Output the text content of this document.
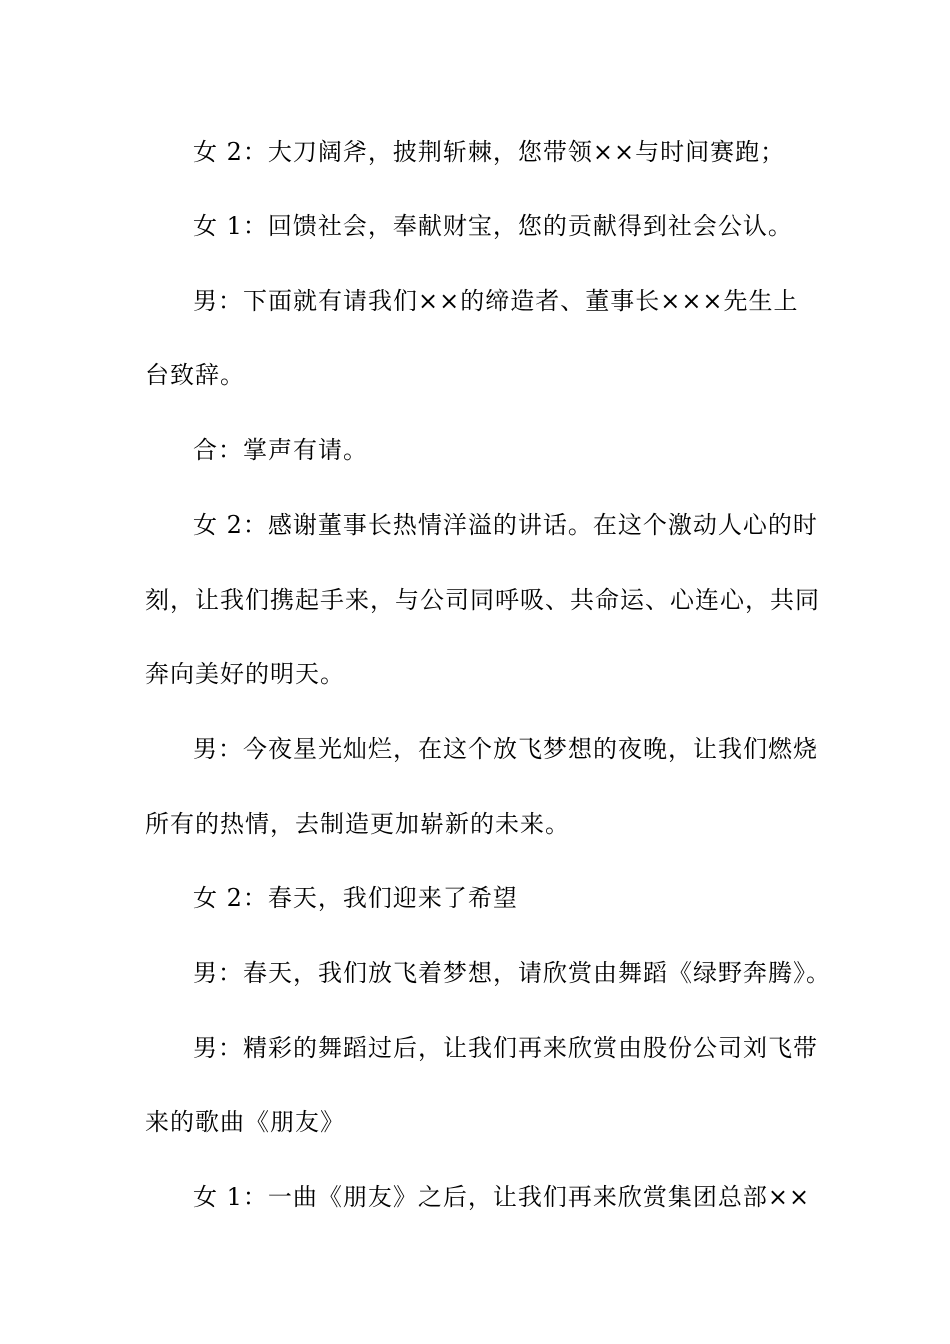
女 2：大刀阔斧，披荆斩棘，您带领××与时间赛跑；

女 1：回馈社会，奉献财宝，您的贡献得到社会公认。

男：下面就有请我们××的缔造者、董事长×××先生上

台致辞。

合：掌声有请。

女 2：感谢董事长热情洋溢的讲话。在这个激动人心的时

刻，让我们携起手来，与公司同呼吸、共命运、心连心，共同

奔向美好的明天。

男：今夜星光灿烂，在这个放飞梦想的夜晚，让我们燃烧

所有的热情，去制造更加崭新的未来。

女 2：春天，我们迎来了希望

男：春天，我们放飞着梦想，请欣赏由舞蹈《绿野奔腾》。

男：精彩的舞蹈过后，让我们再来欣赏由股份公司刘飞带

来的歌曲《朋友》

女 1：一曲《朋友》之后，让我们再来欣赏集团总部××
